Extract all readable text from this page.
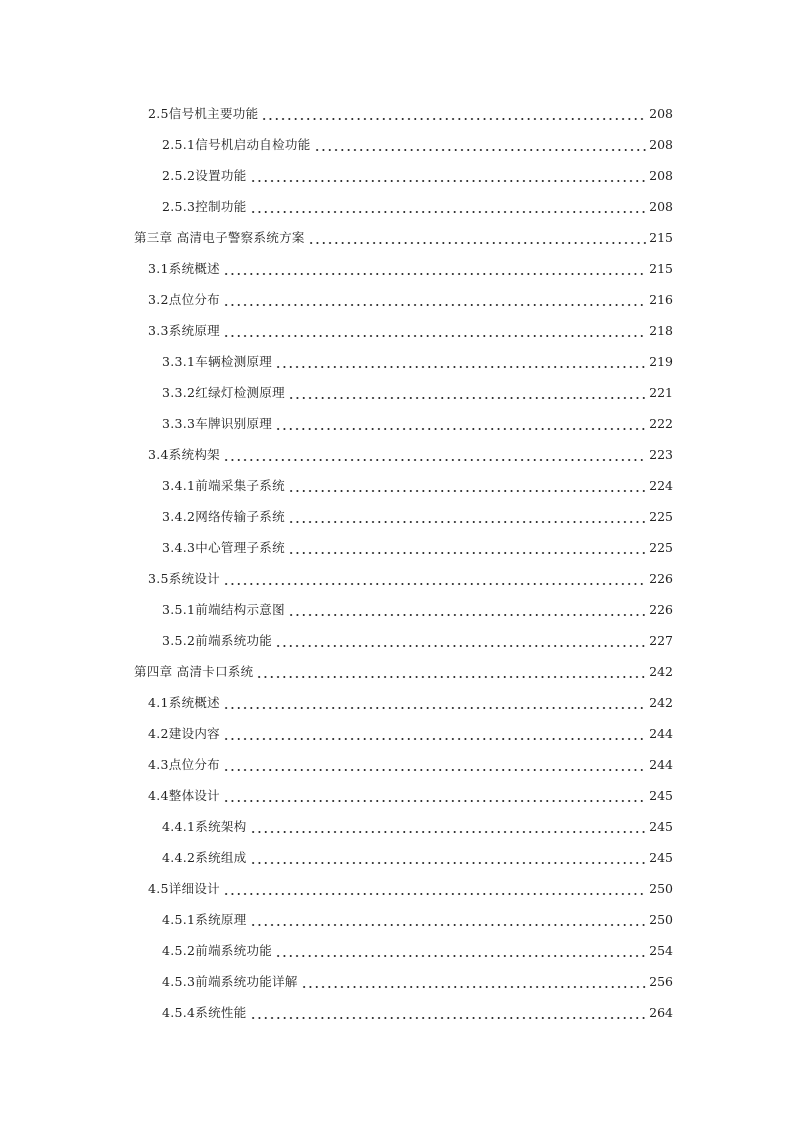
2.5信号机主要功能	208
2.5.1信号机启动自检功能	208
2.5.2设置功能	208
2.5.3控制功能	208
第三章 高清电子警察系统方案	215
3.1系统概述	215
3.2点位分布	216
3.3系统原理	218
3.3.1车辆检测原理	219
3.3.2红绿灯检测原理	221
3.3.3车牌识别原理	222
3.4系统构架	223
3.4.1前端采集子系统	224
3.4.2网络传输子系统	225
3.4.3中心管理子系统	225
3.5系统设计	226
3.5.1前端结构示意图	226
3.5.2前端系统功能	227
第四章 高清卡口系统	242
4.1系统概述	242
4.2建设内容	244
4.3点位分布	244
4.4整体设计	245
4.4.1系统架构	245
4.4.2系统组成	245
4.5详细设计	250
4.5.1系统原理	250
4.5.2前端系统功能	254
4.5.3前端系统功能详解	256
4.5.4系统性能	264
